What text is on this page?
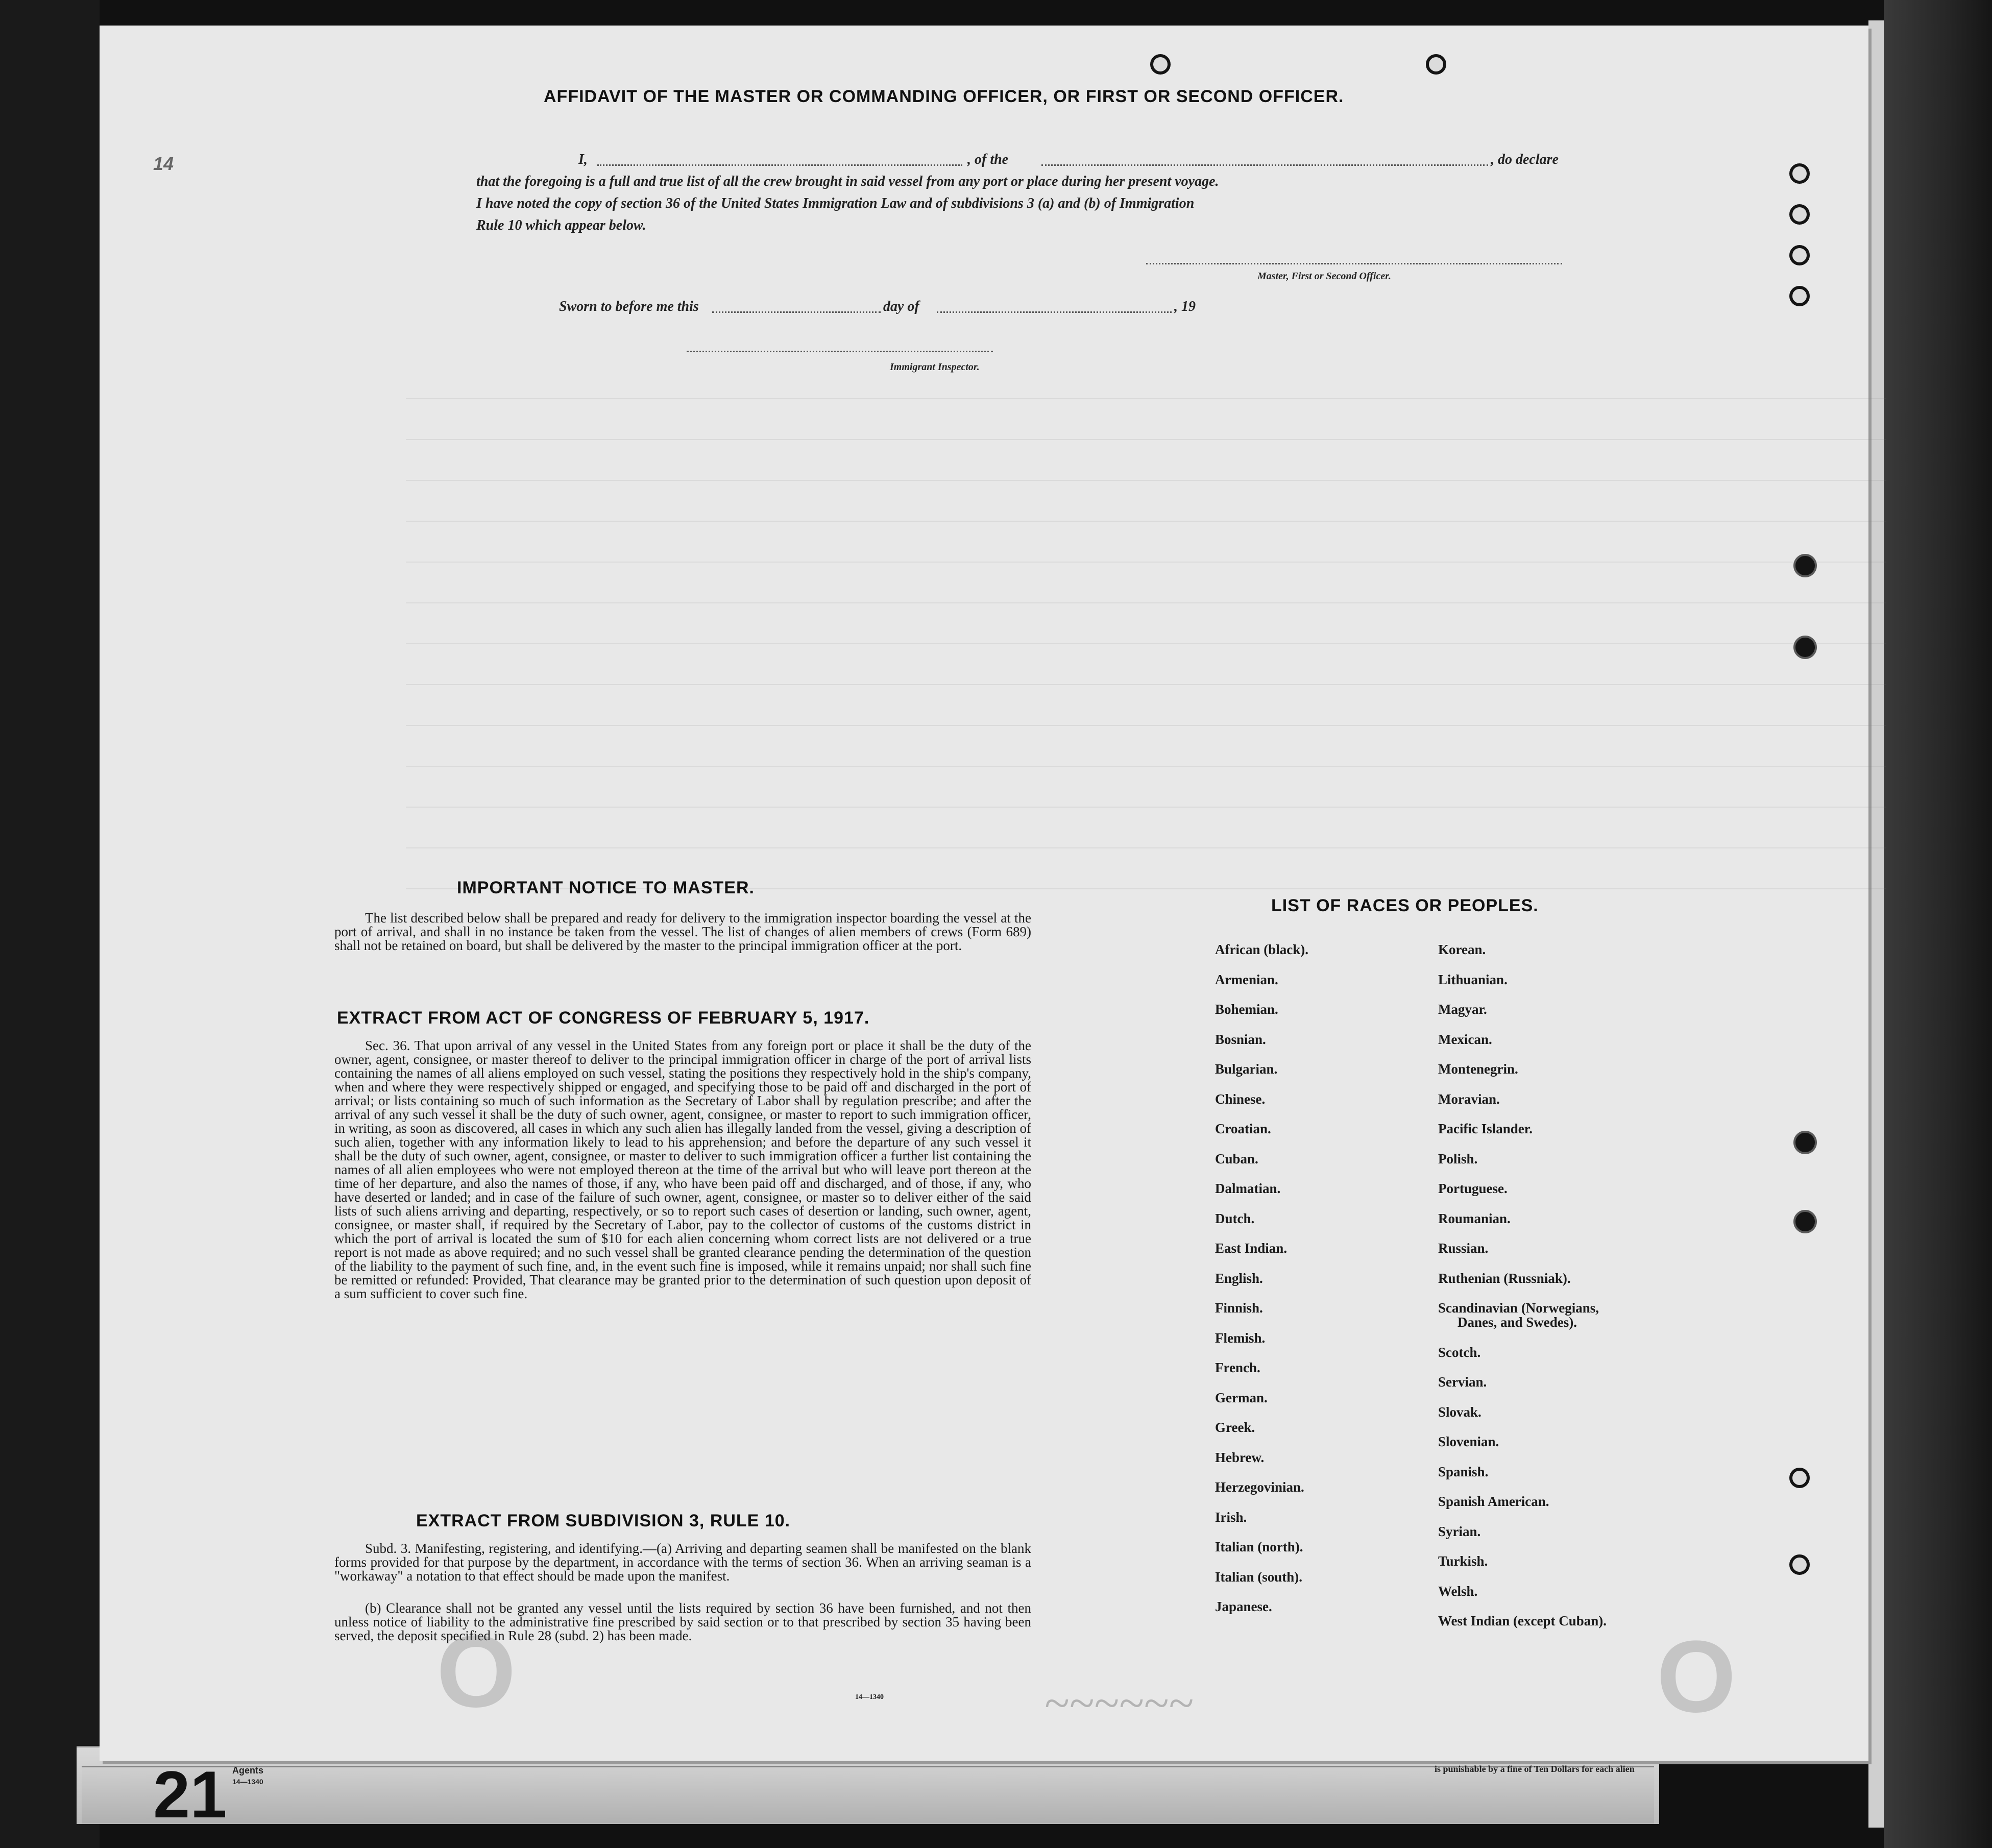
AFFIDAVIT OF THE MASTER OR COMMANDING OFFICER, OR FIRST OR SECOND OFFICER.
I,	, of the	, do declare
that the foregoing is a full and true list of all the crew brought in said vessel from any port or place during her present voyage.
I have noted the copy of section 36 of the United States Immigration Law and of subdivisions 3 (a) and (b) of Immigration
Rule 10 which appear below.
Master, First or Second Officer.
Sworn to before me this	day of	, 19
Immigrant Inspector.
IMPORTANT NOTICE TO MASTER.
The list described below shall be prepared and ready for delivery to the immigration inspector boarding the vessel at the port of arrival, and shall in no instance be taken from the vessel. The list of changes of alien members of crews (Form 689) shall not be retained on board, but shall be delivered by the master to the principal immigration officer at the port.
EXTRACT FROM ACT OF CONGRESS OF FEBRUARY 5, 1917.
Sec. 36. That upon arrival of any vessel in the United States from any foreign port or place it shall be the duty of the owner, agent, consignee, or master thereof to deliver to the principal immigration officer in charge of the port of arrival lists containing the names of all aliens employed on such vessel, stating the positions they respectively hold in the ship's company, when and where they were respectively shipped or engaged, and specifying those to be paid off and discharged in the port of arrival; or lists containing so much of such information as the Secretary of Labor shall by regulation prescribe; and after the arrival of any such vessel it shall be the duty of such owner, agent, consignee, or master to report to such immigration officer, in writing, as soon as discovered, all cases in which any such alien has illegally landed from the vessel, giving a description of such alien, together with any information likely to lead to his apprehension; and before the departure of any such vessel it shall be the duty of such owner, agent, consignee, or master to deliver to such immigration officer a further list containing the names of all alien employees who were not employed thereon at the time of the arrival but who will leave port thereon at the time of her departure, and also the names of those, if any, who have been paid off and discharged, and of those, if any, who have deserted or landed; and in case of the failure of such owner, agent, consignee, or master so to deliver either of the said lists of such aliens arriving and departing, respectively, or so to report such cases of desertion or landing, such owner, agent, consignee, or master shall, if required by the Secretary of Labor, pay to the collector of customs of the customs district in which the port of arrival is located the sum of $10 for each alien concerning whom correct lists are not delivered or a true report is not made as above required; and no such vessel shall be granted clearance pending the determination of the question of the liability to the payment of such fine, and, in the event such fine is imposed, while it remains unpaid; nor shall such fine be remitted or refunded: Provided, That clearance may be granted prior to the determination of such question upon deposit of a sum sufficient to cover such fine.
EXTRACT FROM SUBDIVISION 3, RULE 10.
Subd. 3. Manifesting, registering, and identifying.—(a) Arriving and departing seamen shall be manifested on the blank forms provided for that purpose by the department, in accordance with the terms of section 36. When an arriving seaman is a "workaway" a notation to that effect should be made upon the manifest.
(b) Clearance shall not be granted any vessel until the lists required by section 36 have been furnished, and not then unless notice of liability to the administrative fine prescribed by said section or to that prescribed by section 35 having been served, the deposit specified in Rule 28 (subd. 2) has been made.
14—1340
LIST OF RACES OR PEOPLES.
African (black).
Armenian.
Bohemian.
Bosnian.
Bulgarian.
Chinese.
Croatian.
Cuban.
Dalmatian.
Dutch.
East Indian.
English.
Finnish.
Flemish.
French.
German.
Greek.
Hebrew.
Herzegovinian.
Irish.
Italian (north).
Italian (south).
Japanese.
Korean.
Lithuanian.
Magyar.
Mexican.
Montenegrin.
Moravian.
Pacific Islander.
Polish.
Portuguese.
Roumanian.
Russian.
Ruthenian (Russniak).
Scandinavian (Norwegians,
Danes, and Swedes).
Scotch.
Servian.
Slovak.
Slovenian.
Spanish.
Spanish American.
Syrian.
Turkish.
Welsh.
West Indian (except Cuban).
~~~~~~
O	O
21 Agents
14—1340
is punishable by a fine of Ten Dollars for each alien
14
